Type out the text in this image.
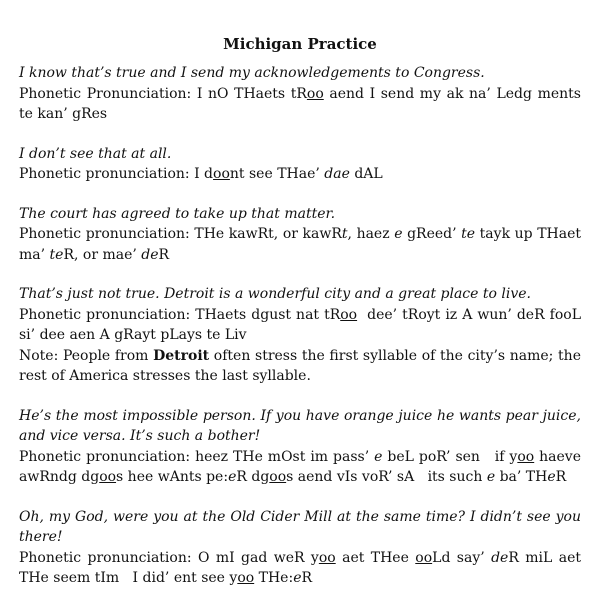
Michigan Practice

I know that’s true and I send my acknowledgements to Congress.

Phonetic Pronunciation: I nO THaets tRoo aend I send my ak na’ Ledg ments te kan’ gRes

I don’t see that at all.

Phonetic pronunciation: I doont see THae’ dae dAL

The court has agreed to take up that matter.

Phonetic pronunciation: THe kawRt, or kawRt, haez e gReed’ te tayk up THaet ma’ teR, or mae’ deR

That’s just not true. Detroit is a wonderful city and a great place to live.

Phonetic pronunciation: THaets dgust nat tRoo  dee’ tRoyt iz A wun’ deR fooL si’ dee aen A gRayt pLays te Liv

Note: People from Detroit often stress the first syllable of the city’s name; the rest of America stresses the last syllable.

He’s the most impossible person. If you have orange juice he wants pear juice, and vice versa. It’s such a bother!

Phonetic pronunciation: heez THe mOst im pass’ e beL poR’ sen   if yoo haeve awRndg dgoos hee wAnts pe:eR dgoos aend vIs voR’ sA   its such e ba’ THeR

Oh, my God, were you at the Old Cider Mill at the same time? I didn’t see you there!

Phonetic pronunciation: O mI gad weR yoo aet THee ooLd say’ deR miL aet THe seem tIm   I did’ ent see yoo THe:eR
